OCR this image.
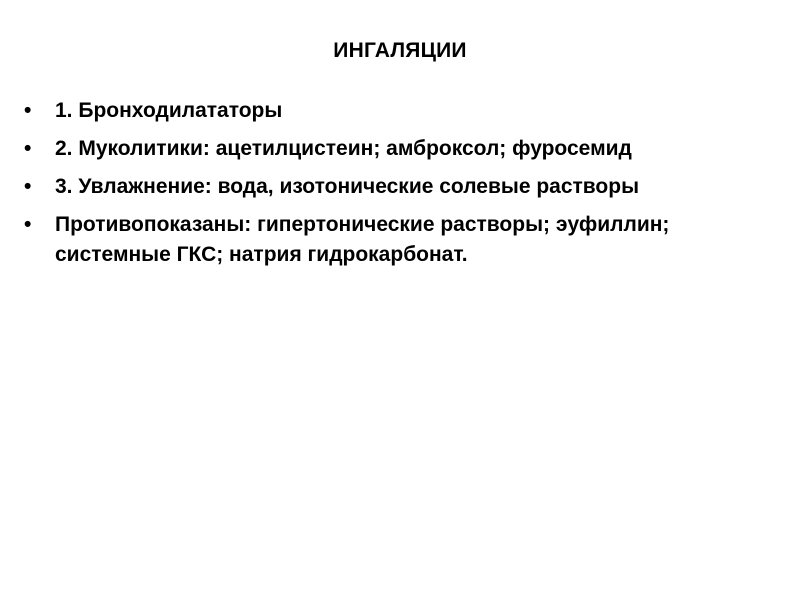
ИНГАЛЯЦИИ
•	1. Бронходилататоры
•	2. Муколитики: ацетилцистеин; амброксол; фуросемид
•	3. Увлажнение: вода, изотонические солевые растворы
•	Противопоказаны: гипертонические растворы; эуфиллин; системные ГКС; натрия гидрокарбонат.
